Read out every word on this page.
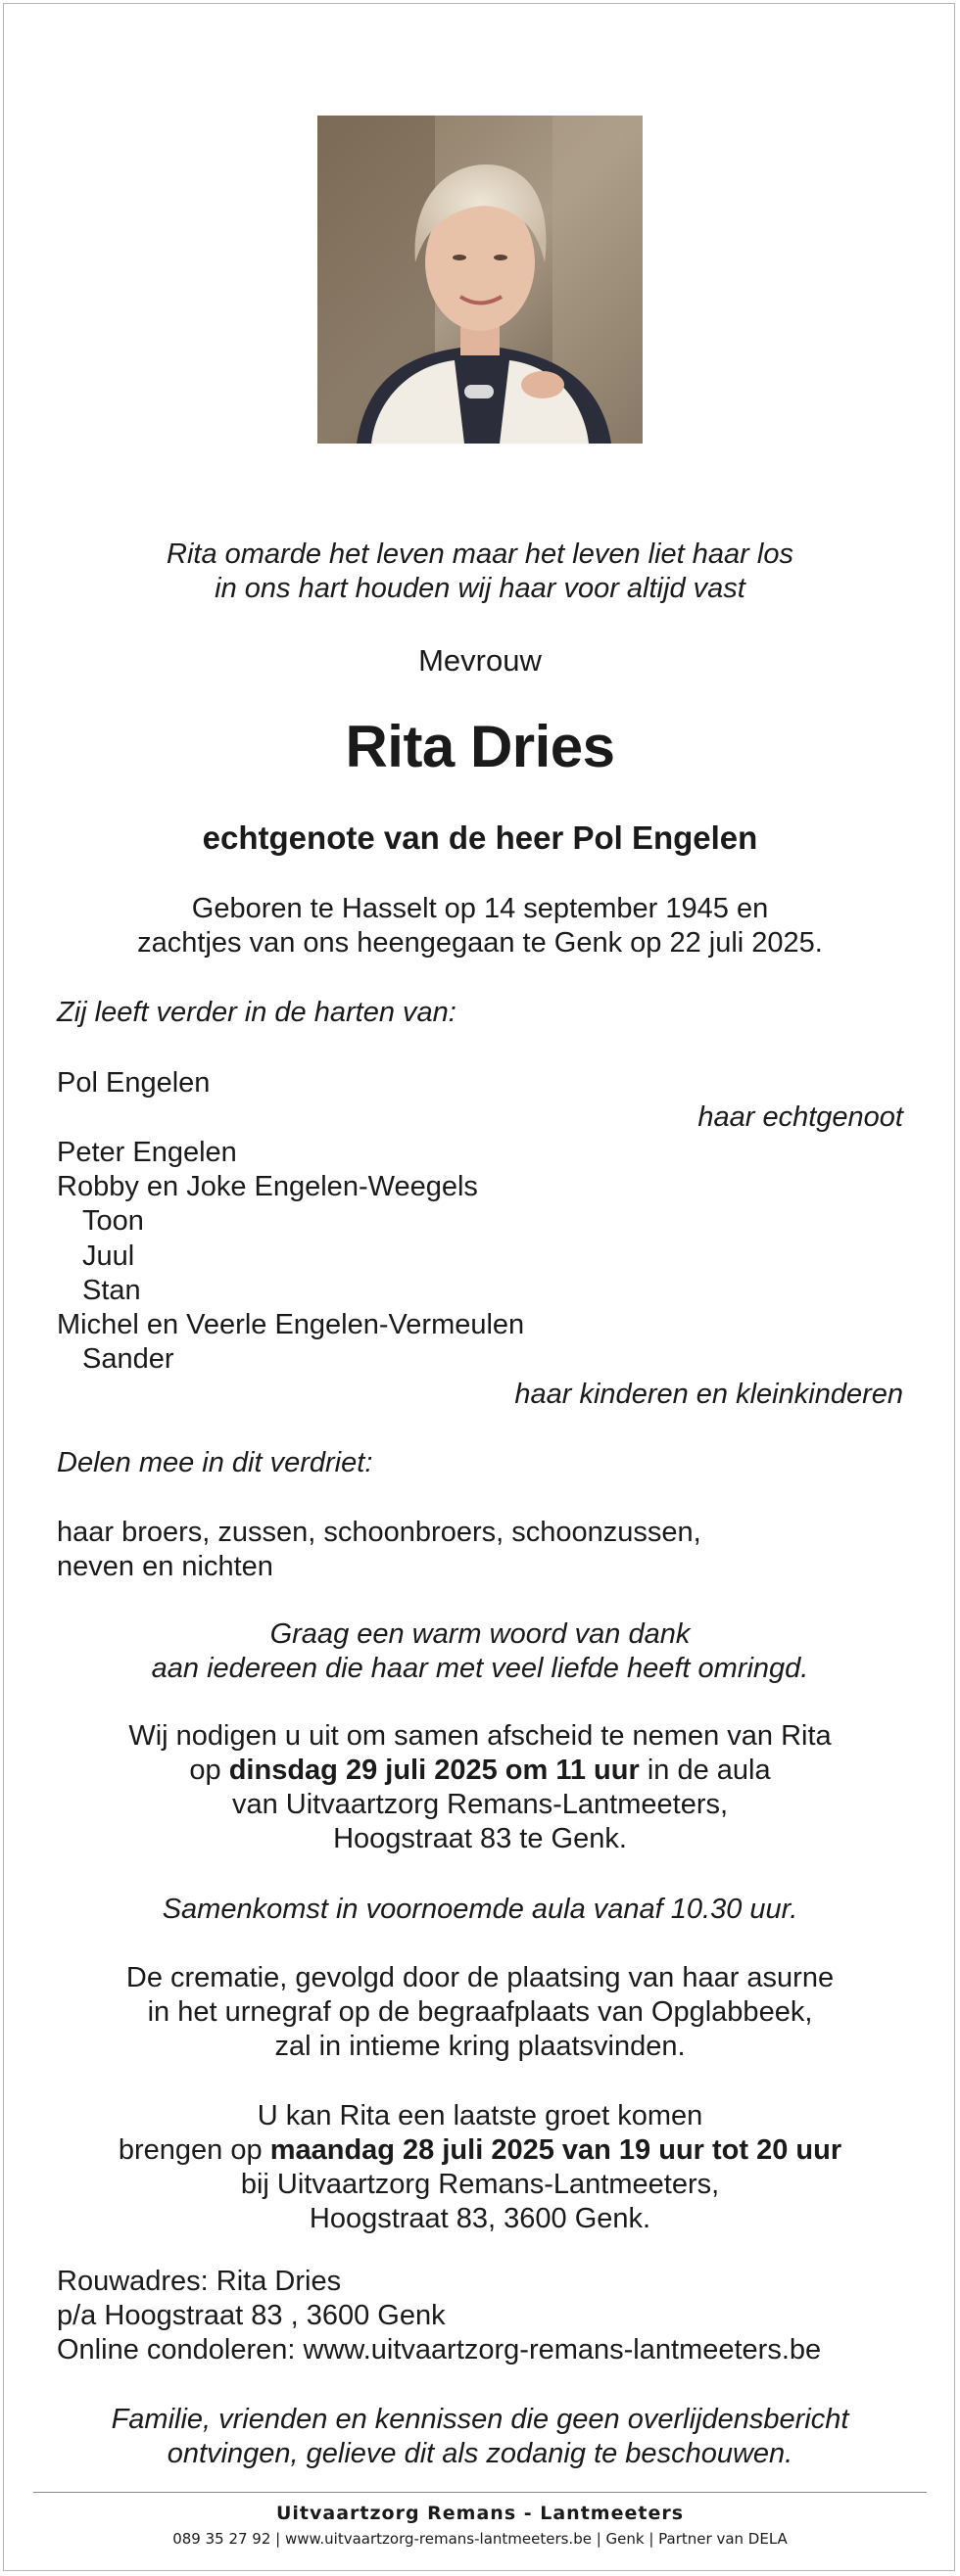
Rita omarde het leven maar het leven liet haar los
in ons hart houden wij haar voor altijd vast
Mevrouw
Rita Dries
echtgenote van de heer Pol Engelen
Geboren te Hasselt op 14 september 1945 en
zachtjes van ons heengegaan te Genk op 22 juli 2025.
Zij leeft verder in de harten van:
Pol Engelen
haar echtgenoot
Peter Engelen
Robby en Joke Engelen-Weegels
Toon
Juul
Stan
Michel en Veerle Engelen-Vermeulen
Sander
haar kinderen en kleinkinderen
Delen mee in dit verdriet:
haar broers, zussen, schoonbroers, schoonzussen,
neven en nichten
Graag een warm woord van dank
aan iedereen die haar met veel liefde heeft omringd.
Wij nodigen u uit om samen afscheid te nemen van Rita
op dinsdag 29 juli 2025 om 11 uur in de aula
van Uitvaartzorg Remans-Lantmeeters,
Hoogstraat 83 te Genk.
Samenkomst in voornoemde aula vanaf 10.30 uur.
De crematie, gevolgd door de plaatsing van haar asurne
in het urnegraf op de begraafplaats van Opglabbeek,
zal in intieme kring plaatsvinden.
U kan Rita een laatste groet komen
brengen op maandag 28 juli 2025 van 19 uur tot 20 uur
bij Uitvaartzorg Remans-Lantmeeters,
Hoogstraat 83, 3600 Genk.
Rouwadres: Rita Dries
p/a Hoogstraat 83 , 3600 Genk
Online condoleren: www.uitvaartzorg-remans-lantmeeters.be
Familie, vrienden en kennissen die geen overlijdensbericht
ontvingen, gelieve dit als zodanig te beschouwen.
Uitvaartzorg Remans - Lantmeeters
089 35 27 92 | www.uitvaartzorg-remans-lantmeeters.be | Genk | Partner van DELA
